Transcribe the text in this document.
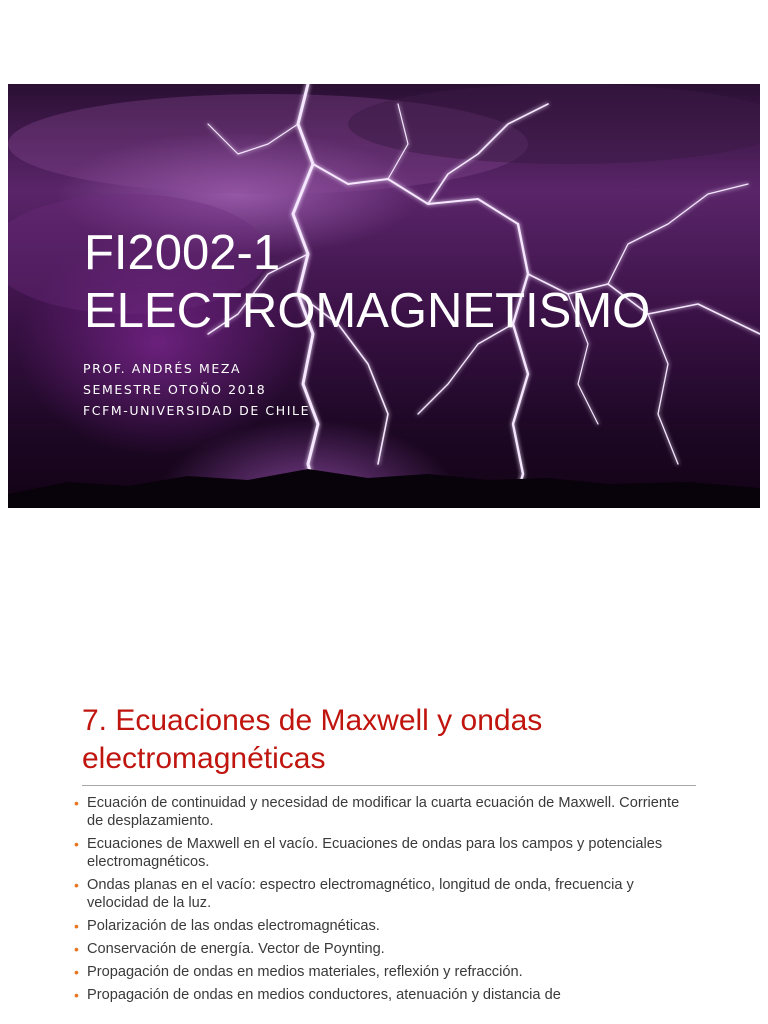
FI2002-1
ELECTROMAGNETISMO
PROF. ANDRÉS MEZA
SEMESTRE OTOÑO 2018
FCFM-UNIVERSIDAD DE CHILE
7. Ecuaciones de Maxwell y ondas electromagnéticas
• Ecuación de continuidad y necesidad de modificar la cuarta ecuación de Maxwell. Corriente de desplazamiento.
• Ecuaciones de Maxwell en el vacío. Ecuaciones de ondas para los campos y potenciales electromagnéticos.
• Ondas planas en el vacío: espectro electromagnético, longitud de onda, frecuencia y velocidad de la luz.
• Polarización de las ondas electromagnéticas.
• Conservación de energía. Vector de Poynting.
• Propagación de ondas en medios materiales, reflexión y refracción.
• Propagación de ondas en medios conductores, atenuación y distancia de
